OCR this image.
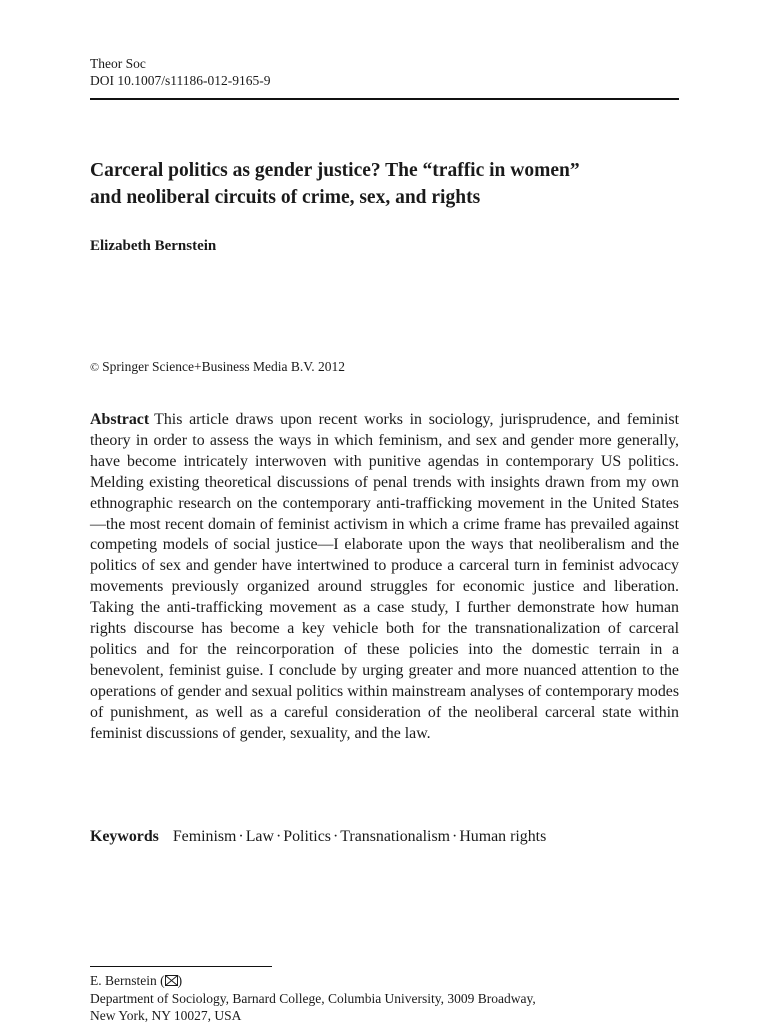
Theor Soc
DOI 10.1007/s11186-012-9165-9
Carceral politics as gender justice? The “traffic in women”
and neoliberal circuits of crime, sex, and rights
Elizabeth Bernstein
© Springer Science+Business Media B.V. 2012

Abstract This article draws upon recent works in sociology, jurisprudence, and feminist theory in order to assess the ways in which feminism, and sex and gender more generally, have become intricately interwoven with punitive agendas in contemporary US politics. Melding existing theoretical discussions of penal trends with insights drawn from my own ethnographic research on the contemporary anti-trafficking movement in the United States—the most recent domain of feminist activism in which a crime frame has prevailed against competing models of social justice—I elaborate upon the ways that neoliberalism and the politics of sex and gender have intertwined to produce a carceral turn in feminist advocacy movements previously organized around struggles for economic justice and liberation. Taking the anti-trafficking movement as a case study, I further demonstrate how human rights discourse has become a key vehicle both for the transnationalization of carceral politics and for the reincorporation of these policies into the domestic terrain in a benevolent, feminist guise. I conclude by urging greater and more nuanced attention to the operations of gender and sexual politics within mainstream analyses of contemporary modes of punishment, as well as a careful consideration of the neoliberal carceral state within feminist discussions of gender, sexuality, and the law.

Keywords Feminism · Law · Politics · Transnationalism · Human rights
E. Bernstein ( )
Department of Sociology, Barnard College, Columbia University, 3009 Broadway,
New York, NY 10027, USA
